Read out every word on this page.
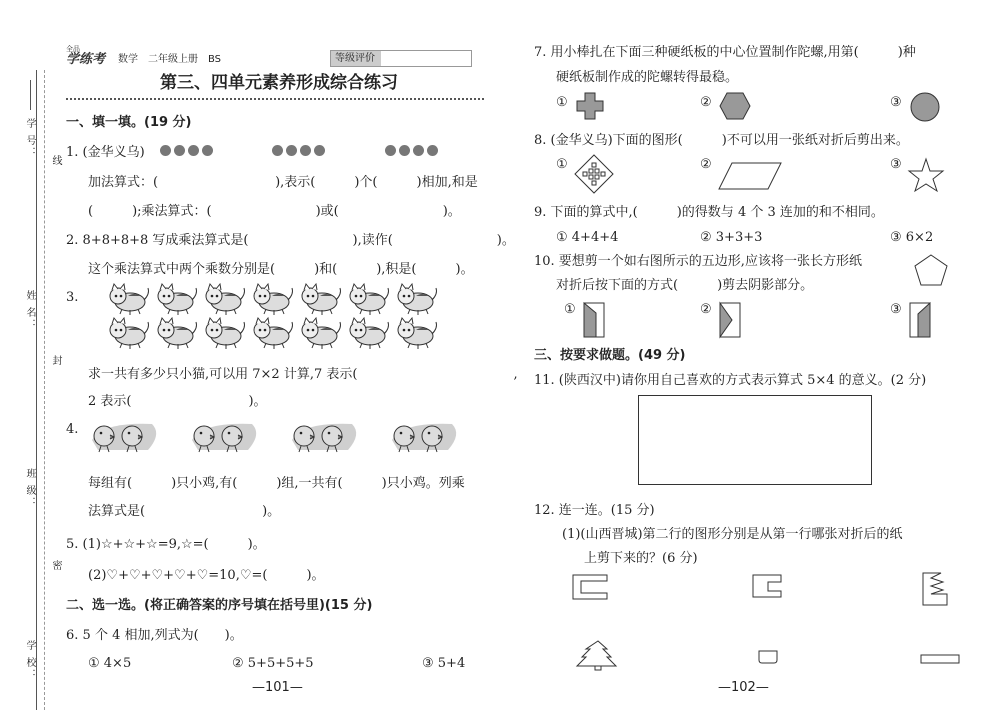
学 号：
线
姓 名：
封
班 级：
密
学 校：
全品
学练考	数学　二年级上册　BS	等级评价
第三、四单元素养形成综合练习
一、填一填。(19 分)
1. (金华义乌)
加法算式：(　　　　　　　　　),表示(　　　)个(　　　)相加,和是
(　　　);乘法算式：(　　　　　　　　)或(　　　　　　　　)。
2. 8+8+8+8 写成乘法算式是(　　　　　　　　),读作(　　　　　　　　)。
这个乘法算式中两个乘数分别是(　　　)和(　　　),积是(　　　)。
3.
求一共有多少只小猫,可以用 7×2 计算,7 表示(　　　　　　　　　　　　,
2 表示(　　　　　　　　　)。
4.
每组有(　　　)只小鸡,有(　　　)组,一共有(　　　)只小鸡。列乘
法算式是(　　　　　　　　　)。
5. (1)☆+☆+☆=9,☆=(　　　)。
(2)♡+♡+♡+♡+♡=10,♡=(　　　)。
二、选一选。(将正确答案的序号填在括号里)(15 分)
6. 5 个 4 相加,列式为(　　)。
① 4×5	② 5+5+5+5	③ 5+4
—101—
7. 用小棒扎在下面三种硬纸板的中心位置制作陀螺,用第(　　　)种
硬纸板制作成的陀螺转得最稳。
①	②	③
8. (金华义乌)下面的图形(　　　)不可以用一张纸对折后剪出来。
①	②	③
9. 下面的算式中,(　　　)的得数与 4 个 3 连加的和不相同。
① 4+4+4	② 3+3+3	③ 6×2
10. 要想剪一个如右图所示的五边形,应该将一张长方形纸
对折后按下面的方式(　　　)剪去阴影部分。
①	②	③
三、按要求做题。(49 分)
11. (陕西汉中)请你用自己喜欢的方式表示算式 5×4 的意义。(2 分)
12. 连一连。(15 分)
(1)(山西晋城)第二行的图形分别是从第一行哪张对折后的纸
上剪下来的？(6 分)
—102—
